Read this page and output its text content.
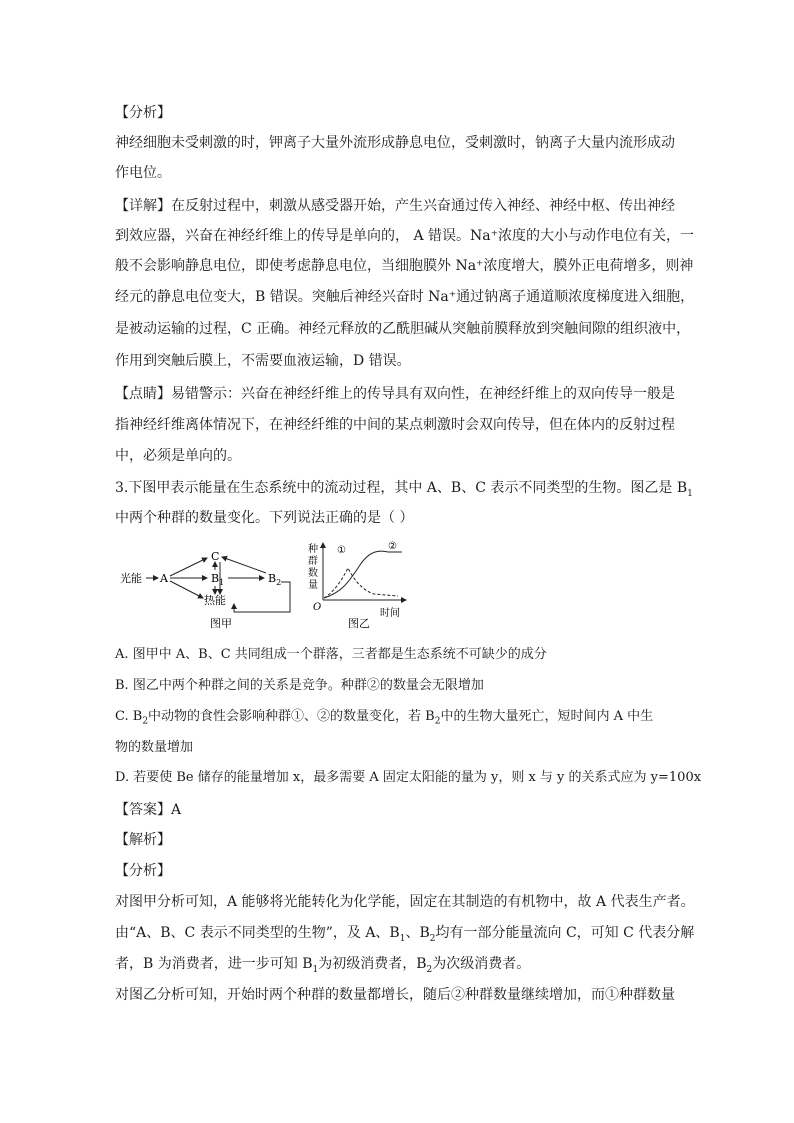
【分析】
神经细胞未受刺激的时，钾离子大量外流形成静息电位，受刺激时，钠离子大量内流形成动
作电位。
【详解】在反射过程中，刺激从感受器开始，产生兴奋通过传入神经、神经中枢、传出神经
到效应器，兴奋在神经纤维上的传导是单向的， A 错误。Na⁺浓度的大小与动作电位有关，一
般不会影响静息电位，即使考虑静息电位，当细胞膜外 Na⁺浓度增大，膜外正电荷增多，则神
经元的静息电位变大，B 错误。突触后神经兴奋时 Na⁺通过钠离子通道顺浓度梯度进入细胞，
是被动运输的过程，C 正确。神经元释放的乙酰胆碱从突触前膜释放到突触间隙的组织液中，
作用到突触后膜上，不需要血液运输，D 错误。
【点睛】易错警示：兴奋在神经纤维上的传导具有双向性，在神经纤维上的双向传导一般是
指神经纤维离体情况下，在神经纤维的中间的某点刺激时会双向传导，但在体内的反射过程
中，必须是单向的。
3.下图甲表示能量在生态系统中的流动过程，其中 A、B、C 表示不同类型的生物。图乙是 $B_1$
中两个种群的数量变化。下列说法正确的是（ ）
光能 A
C
$B_1$	$B_2$
热能
图甲
种
群
数
量
O
时间
①	②
图乙
A. 图甲中 A、B、C 共同组成一个群落，三者都是生态系统不可缺少的成分
B. 图乙中两个种群之间的关系是竞争。种群②的数量会无限增加
C. $B_2$中动物的食性会影响种群①、②的数量变化，若 $B_2$中的生物大量死亡，短时间内 A 中生
物的数量增加
D. 若要使 Be 储存的能量增加 x，最多需要 A 固定太阳能的量为 y，则 x 与 y 的关系式应为 y=100x
【答案】A
【解析】
【分析】
对图甲分析可知，A 能够将光能转化为化学能，固定在其制造的有机物中，故 A 代表生产者。
由“A、B、C 表示不同类型的生物”，及 A、$B_1$、$B_2$均有一部分能量流向 C，可知 C 代表分解
者，B 为消费者，进一步可知 $B_1$为初级消费者，$B_2$为次级消费者。
对图乙分析可知，开始时两个种群的数量都增长，随后②种群数量继续增加，而①种群数量
